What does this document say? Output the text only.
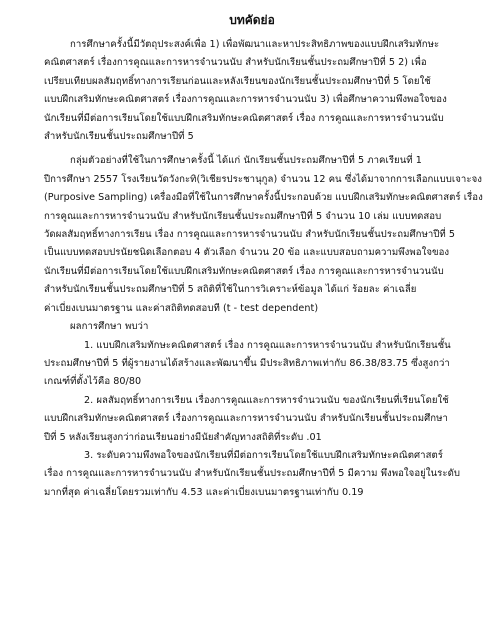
บทคัดย่อ
การศึกษาครั้งนี้มีวัตถุประสงค์เพื่อ 1) เพื่อพัฒนาและหาประสิทธิภาพของแบบฝึกเสริมทักษะ
คณิตศาสตร์ เรื่องการคูณและการหารจำนวนนับ สำหรับนักเรียนชั้นประถมศึกษาปีที่ 5 2) เพื่อ
เปรียบเทียบผลสัมฤทธิ์ทางการเรียนก่อนและหลังเรียนของนักเรียนชั้นประถมศึกษาปีที่ 5 โดยใช้
แบบฝึกเสริมทักษะคณิตศาสตร์ เรื่องการคูณและการหารจำนวนนับ 3) เพื่อศึกษาความพึงพอใจของ
นักเรียนที่มีต่อการเรียนโดยใช้แบบฝึกเสริมทักษะคณิตศาสตร์ เรื่อง การคูณและการหารจำนวนนับ
สำหรับนักเรียนชั้นประถมศึกษาปีที่ 5
กลุ่มตัวอย่างที่ใช้ในการศึกษาครั้งนี้ ได้แก่ นักเรียนชั้นประถมศึกษาปีที่ 5 ภาคเรียนที่ 1
ปีการศึกษา 2557 โรงเรียนวัดวังกะทิ(วิเชียรประชานุกูล) จำนวน 12 คน ซึ่งได้มาจากการเลือกแบบเจาะจง
(Purposive Sampling) เครื่องมือที่ใช้ในการศึกษาครั้งนี้ประกอบด้วย แบบฝึกเสริมทักษะคณิตศาสตร์ เรื่อง
การคูณและการหารจำนวนนับ สำหรับนักเรียนชั้นประถมศึกษาปีที่ 5 จำนวน 10 เล่ม แบบทดสอบ
วัดผลสัมฤทธิ์ทางการเรียน เรื่อง การคูณและการหารจำนวนนับ สำหรับนักเรียนชั้นประถมศึกษาปีที่ 5
เป็นแบบทดสอบปรนัยชนิดเลือกตอบ 4 ตัวเลือก จำนวน 20 ข้อ และแบบสอบถามความพึงพอใจของ
นักเรียนที่มีต่อการเรียนโดยใช้แบบฝึกเสริมทักษะคณิตศาสตร์ เรื่อง การคูณและการหารจำนวนนับ
สำหรับนักเรียนชั้นประถมศึกษาปีที่ 5 สถิติที่ใช้ในการวิเคราะห์ข้อมูล ได้แก่ ร้อยละ ค่าเฉลี่ย
ค่าเบี่ยงเบนมาตรฐาน และค่าสถิติทดสอบที (t - test dependent)
ผลการศึกษา พบว่า
1. แบบฝึกเสริมทักษะคณิตศาสตร์ เรื่อง การคูณและการหารจำนวนนับ สำหรับนักเรียนชั้น
ประถมศึกษาปีที่ 5 ที่ผู้รายงานได้สร้างและพัฒนาขึ้น มีประสิทธิภาพเท่ากับ 86.38/83.75 ซึ่งสูงกว่า
เกณฑ์ที่ตั้งไว้คือ 80/80
2. ผลสัมฤทธิ์ทางการเรียน เรื่องการคูณและการหารจำนวนนับ ของนักเรียนที่เรียนโดยใช้
แบบฝึกเสริมทักษะคณิตศาสตร์ เรื่องการคูณและการหารจำนวนนับ สำหรับนักเรียนชั้นประถมศึกษา
ปีที่ 5 หลังเรียนสูงกว่าก่อนเรียนอย่างมีนัยสำคัญทางสถิติที่ระดับ .01
3. ระดับความพึงพอใจของนักเรียนที่มีต่อการเรียนโดยใช้แบบฝึกเสริมทักษะคณิตศาสตร์
เรื่อง การคูณและการหารจำนวนนับ สำหรับนักเรียนชั้นประถมศึกษาปีที่ 5 มีความ พึงพอใจอยู่ในระดับ
มากที่สุด ค่าเฉลี่ยโดยรวมเท่ากับ 4.53 และค่าเบี่ยงเบนมาตรฐานเท่ากับ 0.19
